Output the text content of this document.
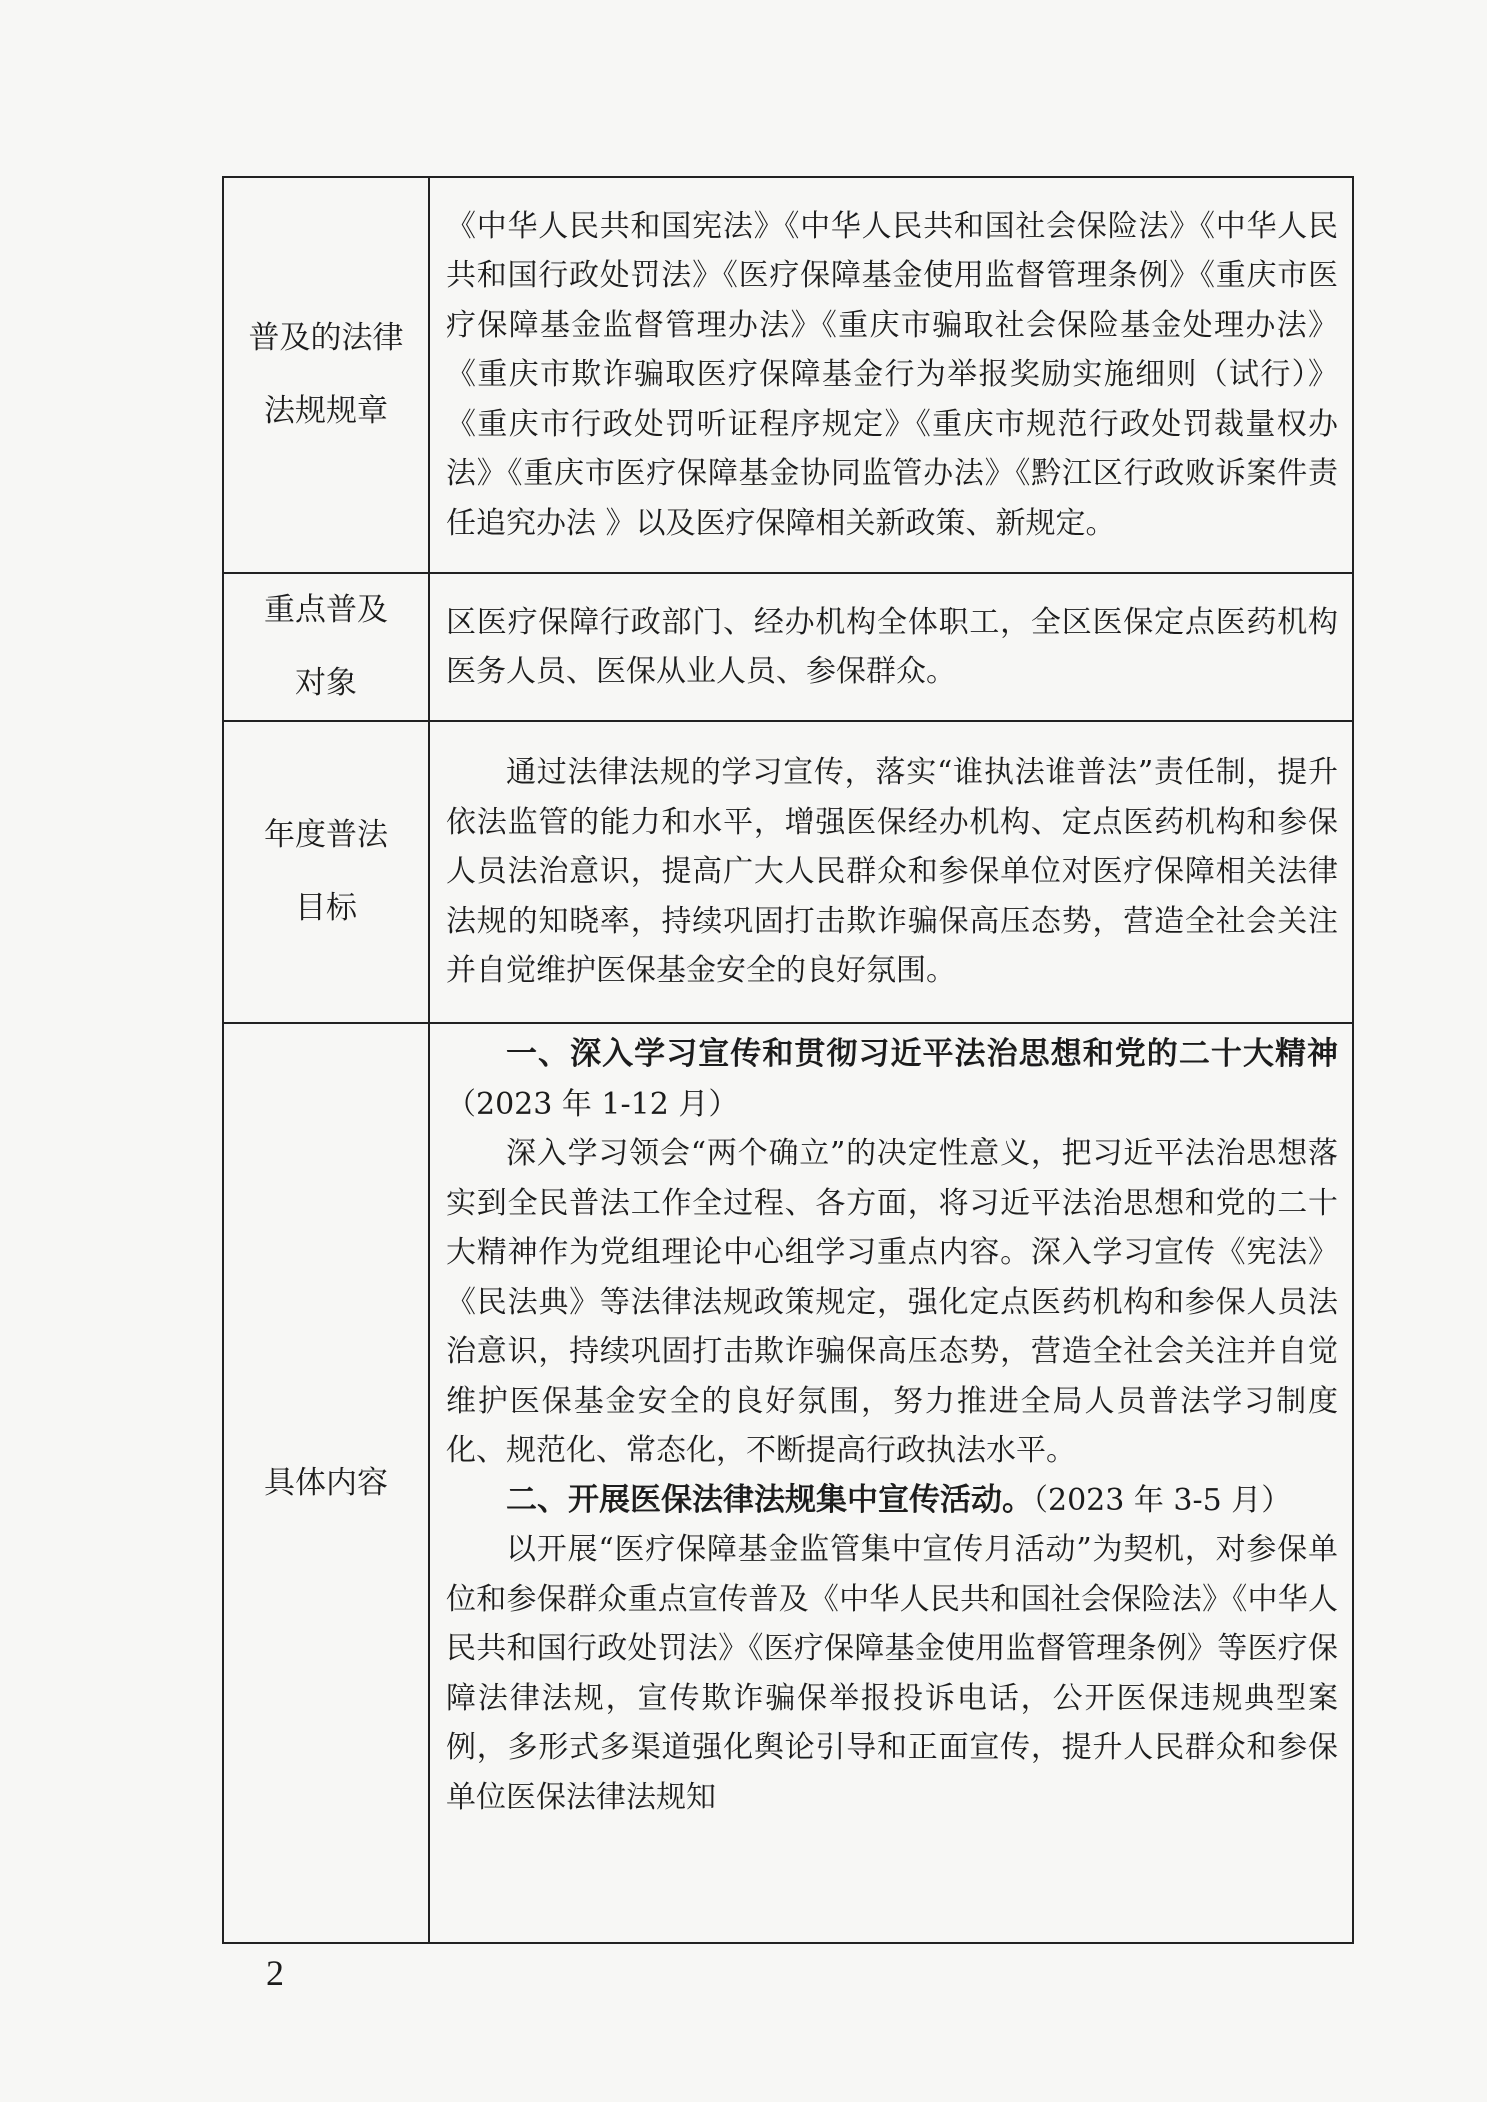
普及的法律
法规规章	《中华人民共和国宪法》《中华人民共和国社会保险法》《中华人民共和国行政处罚法》《医疗保障基金使用监督管理条例》《重庆市医疗保障基金监督管理办法》《重庆市骗取社会保险基金处理办法》《重庆市欺诈骗取医疗保障基金行为举报奖励实施细则（试行）》《重庆市行政处罚听证程序规定》《重庆市规范行政处罚裁量权办法》《重庆市医疗保障基金协同监管办法》《黔江区行政败诉案件责任追究办法 》以及医疗保障相关新政策、新规定。

重点普及
对象	区医疗保障行政部门、经办机构全体职工，全区医保定点医药机构医务人员、医保从业人员、参保群众。

年度普法
目标	通过法律法规的学习宣传，落实“谁执法谁普法”责任制，提升依法监管的能力和水平，增强医保经办机构、定点医药机构和参保人员法治意识，提高广大人民群众和参保单位对医疗保障相关法律法规的知晓率，持续巩固打击欺诈骗保高压态势，营造全社会关注并自觉维护医保基金安全的良好氛围。

具体内容	一、深入学习宣传和贯彻习近平法治思想和党的二十大精神（2023 年 1-12 月）

深入学习领会“两个确立”的决定性意义，把习近平法治思想落实到全民普法工作全过程、各方面，将习近平法治思想和党的二十大精神作为党组理论中心组学习重点内容。深入学习宣传《宪法》《民法典》等法律法规政策规定，强化定点医药机构和参保人员法治意识，持续巩固打击欺诈骗保高压态势，营造全社会关注并自觉维护医保基金安全的良好氛围，努力推进全局人员普法学习制度化、规范化、常态化，不断提高行政执法水平。

二、开展医保法律法规集中宣传活动。（2023 年 3-5 月）

以开展“医疗保障基金监管集中宣传月活动”为契机，对参保单位和参保群众重点宣传普及《中华人民共和国社会保险法》《中华人民共和国行政处罚法》《医疗保障基金使用监督管理条例》等医疗保障法律法规，宣传欺诈骗保举报投诉电话，公开医保违规典型案例，多形式多渠道强化舆论引导和正面宣传，提升人民群众和参保单位医保法律法规知

2
